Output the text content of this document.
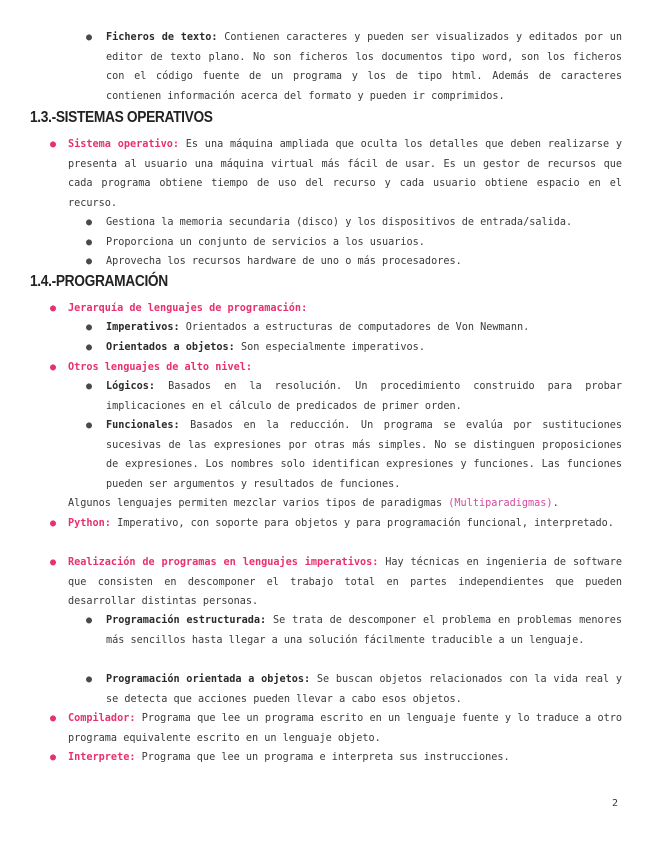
● Ficheros de texto: Contienen caracteres y pueden ser visualizados y editados por un editor de texto plano. No son ficheros los documentos tipo word, son los ficheros con el código fuente de un programa y los de tipo html. Además de caracteres contienen información acerca del formato y pueden ir comprimidos.

1.3.-SISTEMAS OPERATIVOS
● Sistema operativo: Es una máquina ampliada que oculta los detalles que deben realizarse y presenta al usuario una máquina virtual más fácil de usar. Es un gestor de recursos que cada programa obtiene tiempo de uso del recurso y cada usuario obtiene espacio en el recurso.

● Gestiona la memoria secundaria (disco) y los dispositivos de entrada/salida.

● Proporciona un conjunto de servicios a los usuarios.

● Aprovecha los recursos hardware de uno o más procesadores.

1.4.-PROGRAMACIÓN
● Jerarquía de lenguajes de programación:

● Imperativos: Orientados a estructuras de computadores de Von Newmann.

● Orientados a objetos: Son especialmente imperativos.

● Otros lenguajes de alto nivel:

● Lógicos: Basados en la resolución. Un procedimiento construido para probar implicaciones en el cálculo de predicados de primer orden.

● Funcionales: Basados en la reducción. Un programa se evalúa por sustituciones sucesivas de las expresiones por otras más simples. No se distinguen proposiciones de expresiones. Los nombres solo identifican expresiones y funciones. Las funciones pueden ser argumentos y resultados de funciones.

Algunos lenguajes permiten mezclar varios tipos de paradigmas (Multiparadigmas).

● Python: Imperativo, con soporte para objetos y para programación funcional, interpretado.

● Realización de programas en lenguajes imperativos: Hay técnicas en ingenieria de software que consisten en descomponer el trabajo total en partes independientes que pueden desarrollar distintas personas.

● Programación estructurada: Se trata de descomponer el problema en problemas menores más sencillos hasta llegar a una solución fácilmente traducible a un lenguaje.

● Programación orientada a objetos: Se buscan objetos relacionados con la vida real y se detecta que acciones pueden llevar a cabo esos objetos.

● Compilador: Programa que lee un programa escrito en un lenguaje fuente y lo traduce a otro programa equivalente escrito en un lenguaje objeto.

● Interprete: Programa que lee un programa e interpreta sus instrucciones.

2
